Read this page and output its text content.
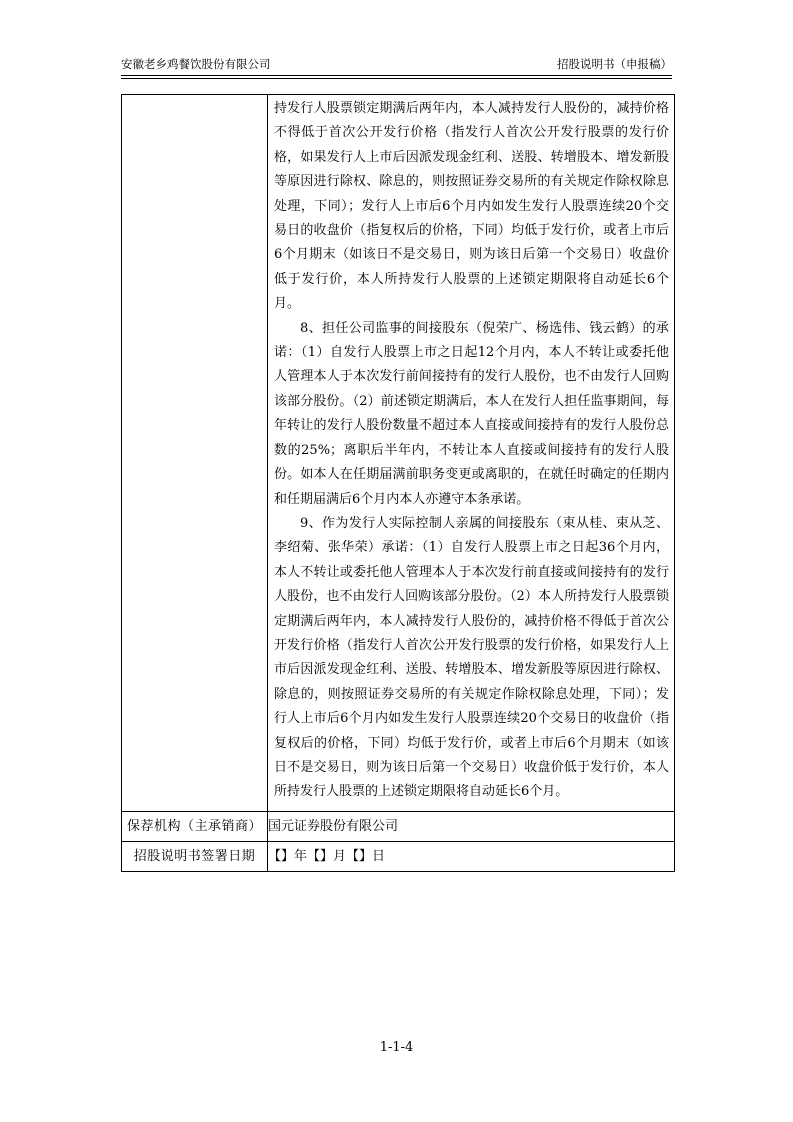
安徽老乡鸡餐饮股份有限公司	招股说明书（申报稿）

	持发行人股票锁定期满后两年内，本人减持发行人股份的，减持价格不得低于首次公开发行价格（指发行人首次公开发行股票的发行价格，如果发行人上市后因派发现金红利、送股、转增股本、增发新股等原因进行除权、除息的，则按照证券交易所的有关规定作除权除息处理，下同）；发行人上市后6个月内如发生发行人股票连续20个交易日的收盘价（指复权后的价格，下同）均低于发行价，或者上市后6个月期末（如该日不是交易日，则为该日后第一个交易日）收盘价低于发行价，本人所持发行人股票的上述锁定期限将自动延长6个月。

8、担任公司监事的间接股东（倪荣广、杨选伟、钱云鹤）的承诺：（1）自发行人股票上市之日起12个月内，本人不转让或委托他人管理本人于本次发行前间接持有的发行人股份，也不由发行人回购该部分股份。（2）前述锁定期满后，本人在发行人担任监事期间，每年转让的发行人股份数量不超过本人直接或间接持有的发行人股份总数的25%；离职后半年内，不转让本人直接或间接持有的发行人股份。如本人在任期届满前职务变更或离职的，在就任时确定的任期内和任期届满后6个月内本人亦遵守本条承诺。

9、作为发行人实际控制人亲属的间接股东（束从桂、束从芝、李绍菊、张华荣）承诺：（1）自发行人股票上市之日起36个月内，本人不转让或委托他人管理本人于本次发行前直接或间接持有的发行人股份，也不由发行人回购该部分股份。（2）本人所持发行人股票锁定期满后两年内，本人减持发行人股份的，减持价格不得低于首次公开发行价格（指发行人首次公开发行股票的发行价格，如果发行人上市后因派发现金红利、送股、转增股本、增发新股等原因进行除权、除息的，则按照证券交易所的有关规定作除权除息处理，下同）；发行人上市后6个月内如发生发行人股票连续20个交易日的收盘价（指复权后的价格，下同）均低于发行价，或者上市后6个月期末（如该日不是交易日，则为该日后第一个交易日）收盘价低于发行价，本人所持发行人股票的上述锁定期限将自动延长6个月。

保荐机构（主承销商）	国元证券股份有限公司
招股说明书签署日期	【】年【】月【】日
1-1-4
